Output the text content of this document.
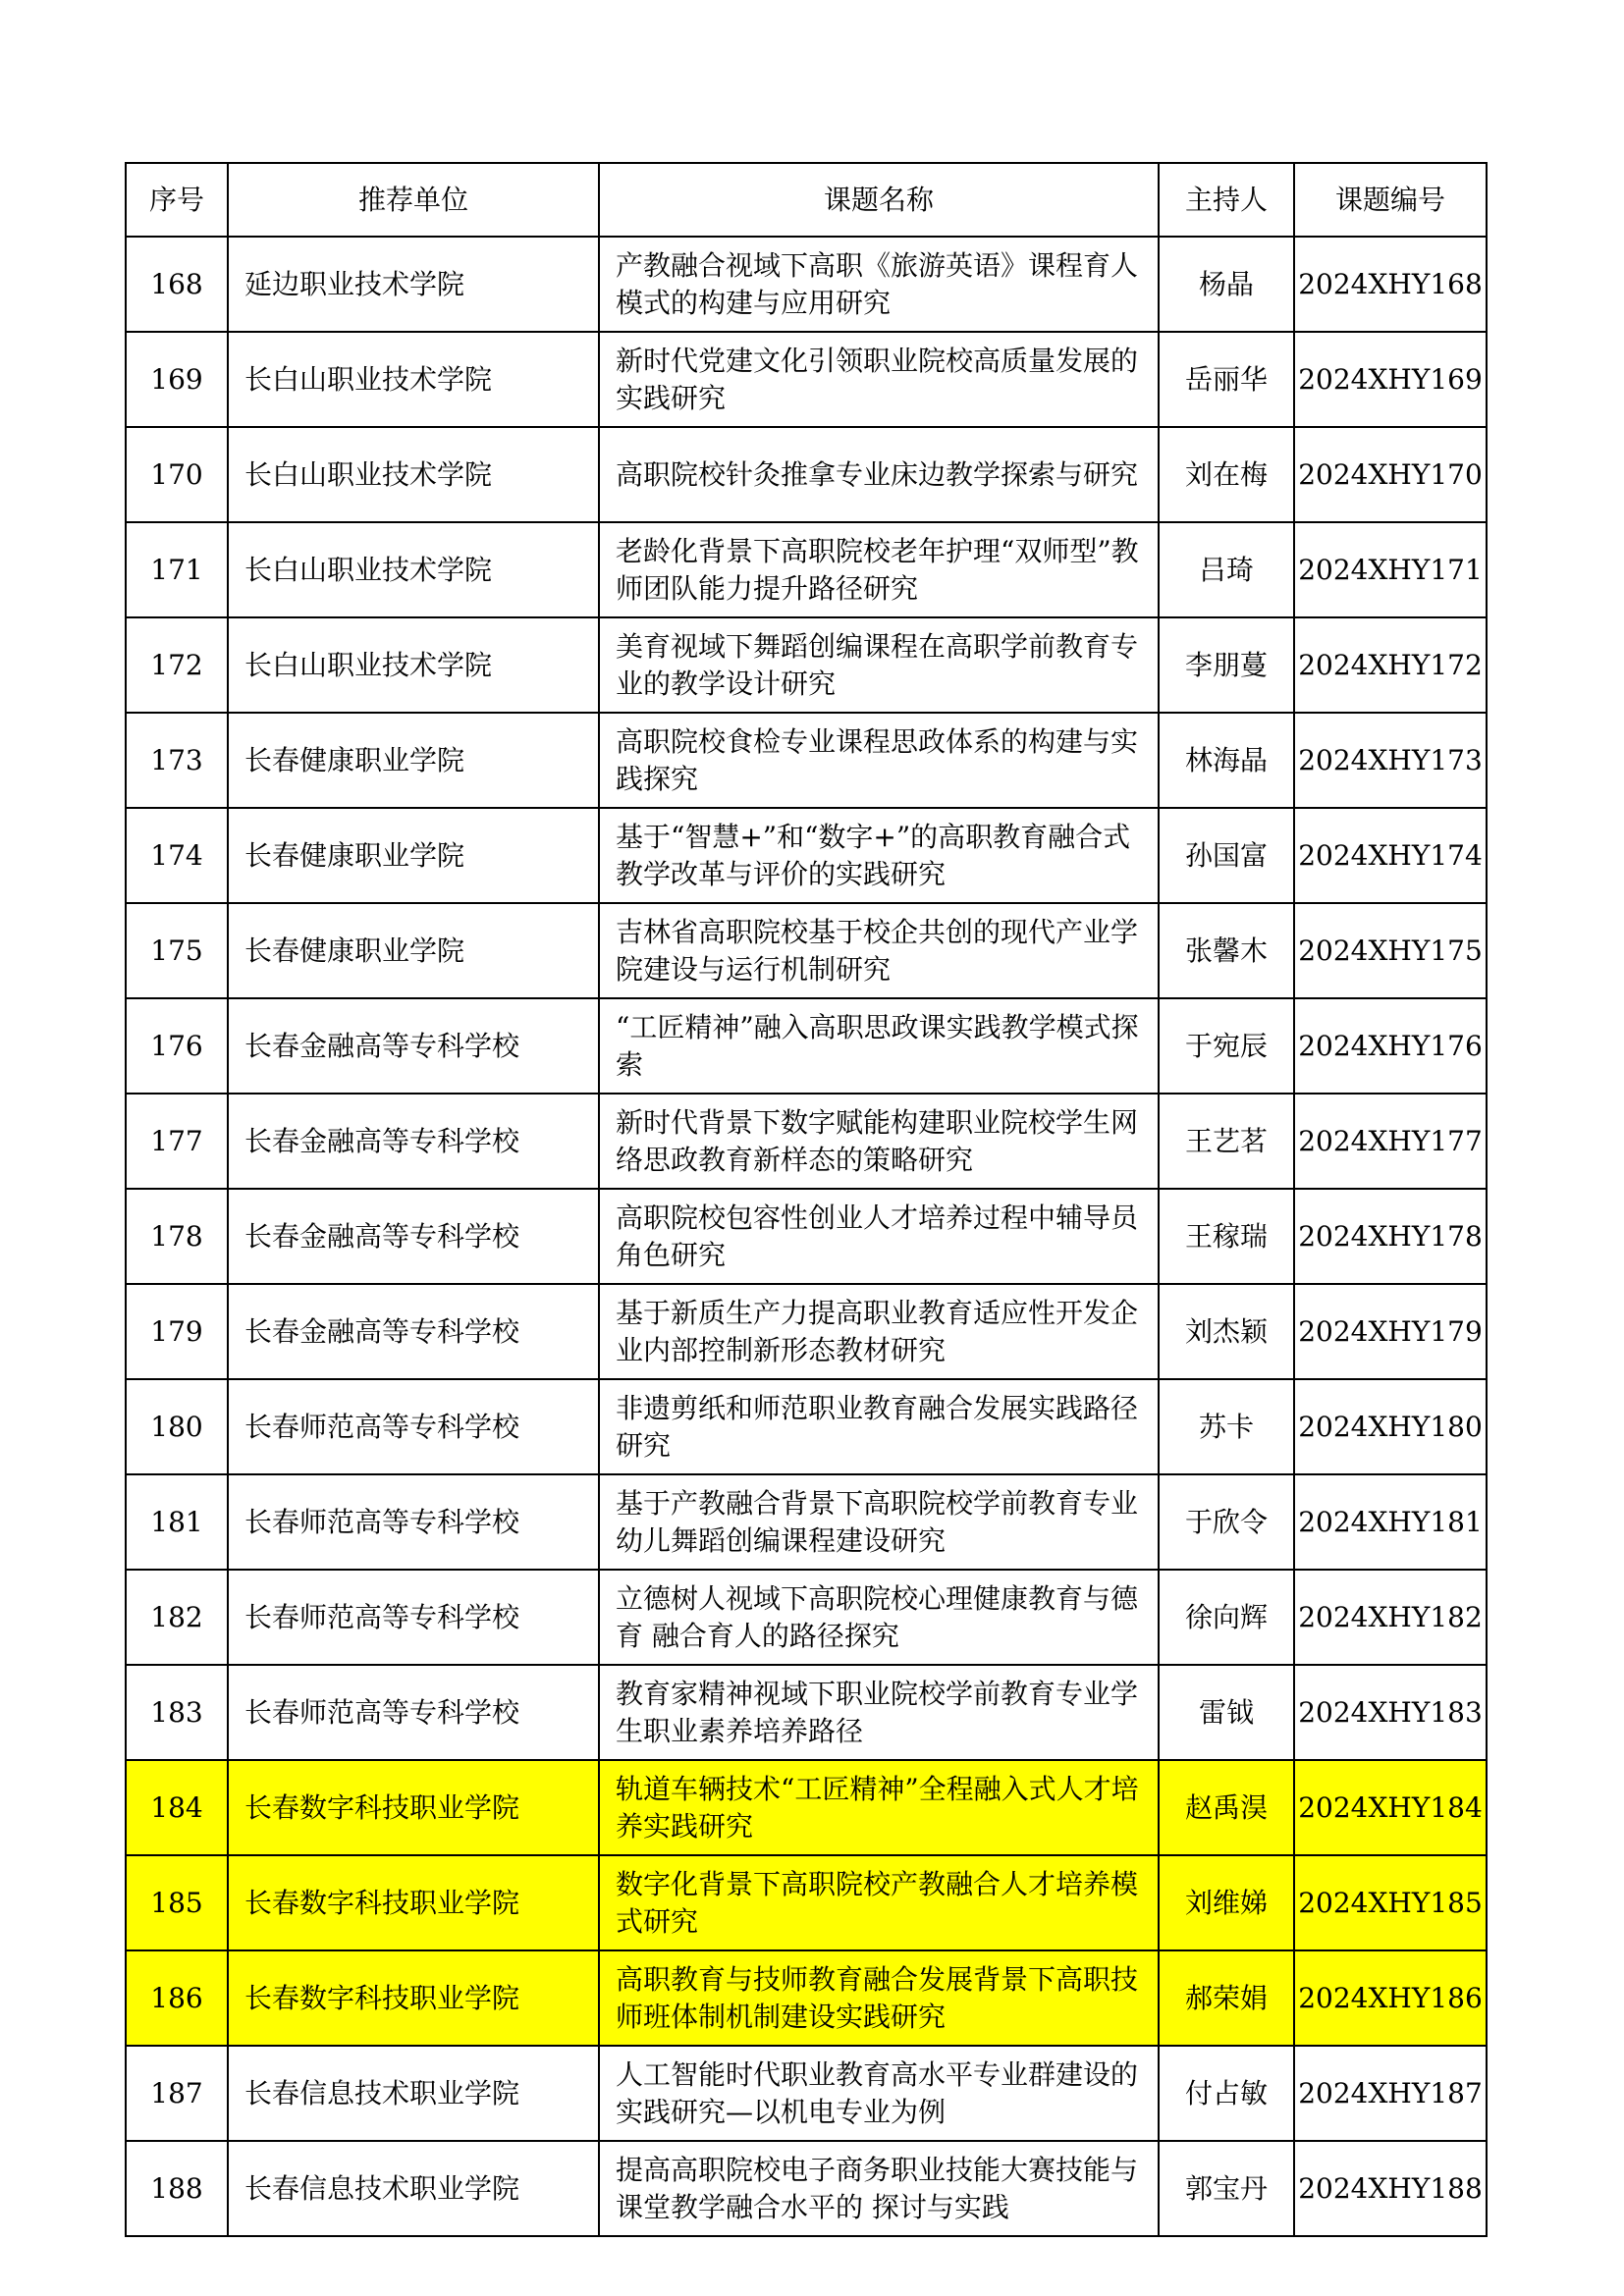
序号	推荐单位	课题名称	主持人	课题编号
168	延边职业技术学院	产教融合视域下高职《旅游英语》课程育人模式的构建与应用研究	杨晶	2024XHY168
169	长白山职业技术学院	新时代党建文化引领职业院校高质量发展的实践研究	岳丽华	2024XHY169
170	长白山职业技术学院	高职院校针灸推拿专业床边教学探索与研究	刘在梅	2024XHY170
171	长白山职业技术学院	老龄化背景下高职院校老年护理“双师型”教师团队能力提升路径研究	吕琦	2024XHY171
172	长白山职业技术学院	美育视域下舞蹈创编课程在高职学前教育专业的教学设计研究	李朋蔓	2024XHY172
173	长春健康职业学院	高职院校食检专业课程思政体系的构建与实践探究	林海晶	2024XHY173
174	长春健康职业学院	基于“智慧+”和“数字+”的高职教育融合式教学改革与评价的实践研究	孙国富	2024XHY174
175	长春健康职业学院	吉林省高职院校基于校企共创的现代产业学院建设与运行机制研究	张馨木	2024XHY175
176	长春金融高等专科学校	“工匠精神”融入高职思政课实践教学模式探索	于宛辰	2024XHY176
177	长春金融高等专科学校	新时代背景下数字赋能构建职业院校学生网络思政教育新样态的策略研究	王艺茗	2024XHY177
178	长春金融高等专科学校	高职院校包容性创业人才培养过程中辅导员角色研究	王稼瑞	2024XHY178
179	长春金融高等专科学校	基于新质生产力提高职业教育适应性开发企业内部控制新形态教材研究	刘杰颖	2024XHY179
180	长春师范高等专科学校	非遗剪纸和师范职业教育融合发展实践路径研究	苏卡	2024XHY180
181	长春师范高等专科学校	基于产教融合背景下高职院校学前教育专业幼儿舞蹈创编课程建设研究	于欣令	2024XHY181
182	长春师范高等专科学校	立德树人视域下高职院校心理健康教育与德育 融合育人的路径探究	徐向辉	2024XHY182
183	长春师范高等专科学校	教育家精神视域下职业院校学前教育专业学生职业素养培养路径	雷钺	2024XHY183
184	长春数字科技职业学院	轨道车辆技术“工匠精神”全程融入式人才培养实践研究	赵禹淏	2024XHY184
185	长春数字科技职业学院	数字化背景下高职院校产教融合人才培养模式研究	刘维娣	2024XHY185
186	长春数字科技职业学院	高职教育与技师教育融合发展背景下高职技师班体制机制建设实践研究	郝荣娟	2024XHY186
187	长春信息技术职业学院	人工智能时代职业教育高水平专业群建设的实践研究—以机电专业为例	付占敏	2024XHY187
188	长春信息技术职业学院	提高高职院校电子商务职业技能大赛技能与课堂教学融合水平的 探讨与实践	郭宝丹	2024XHY188
